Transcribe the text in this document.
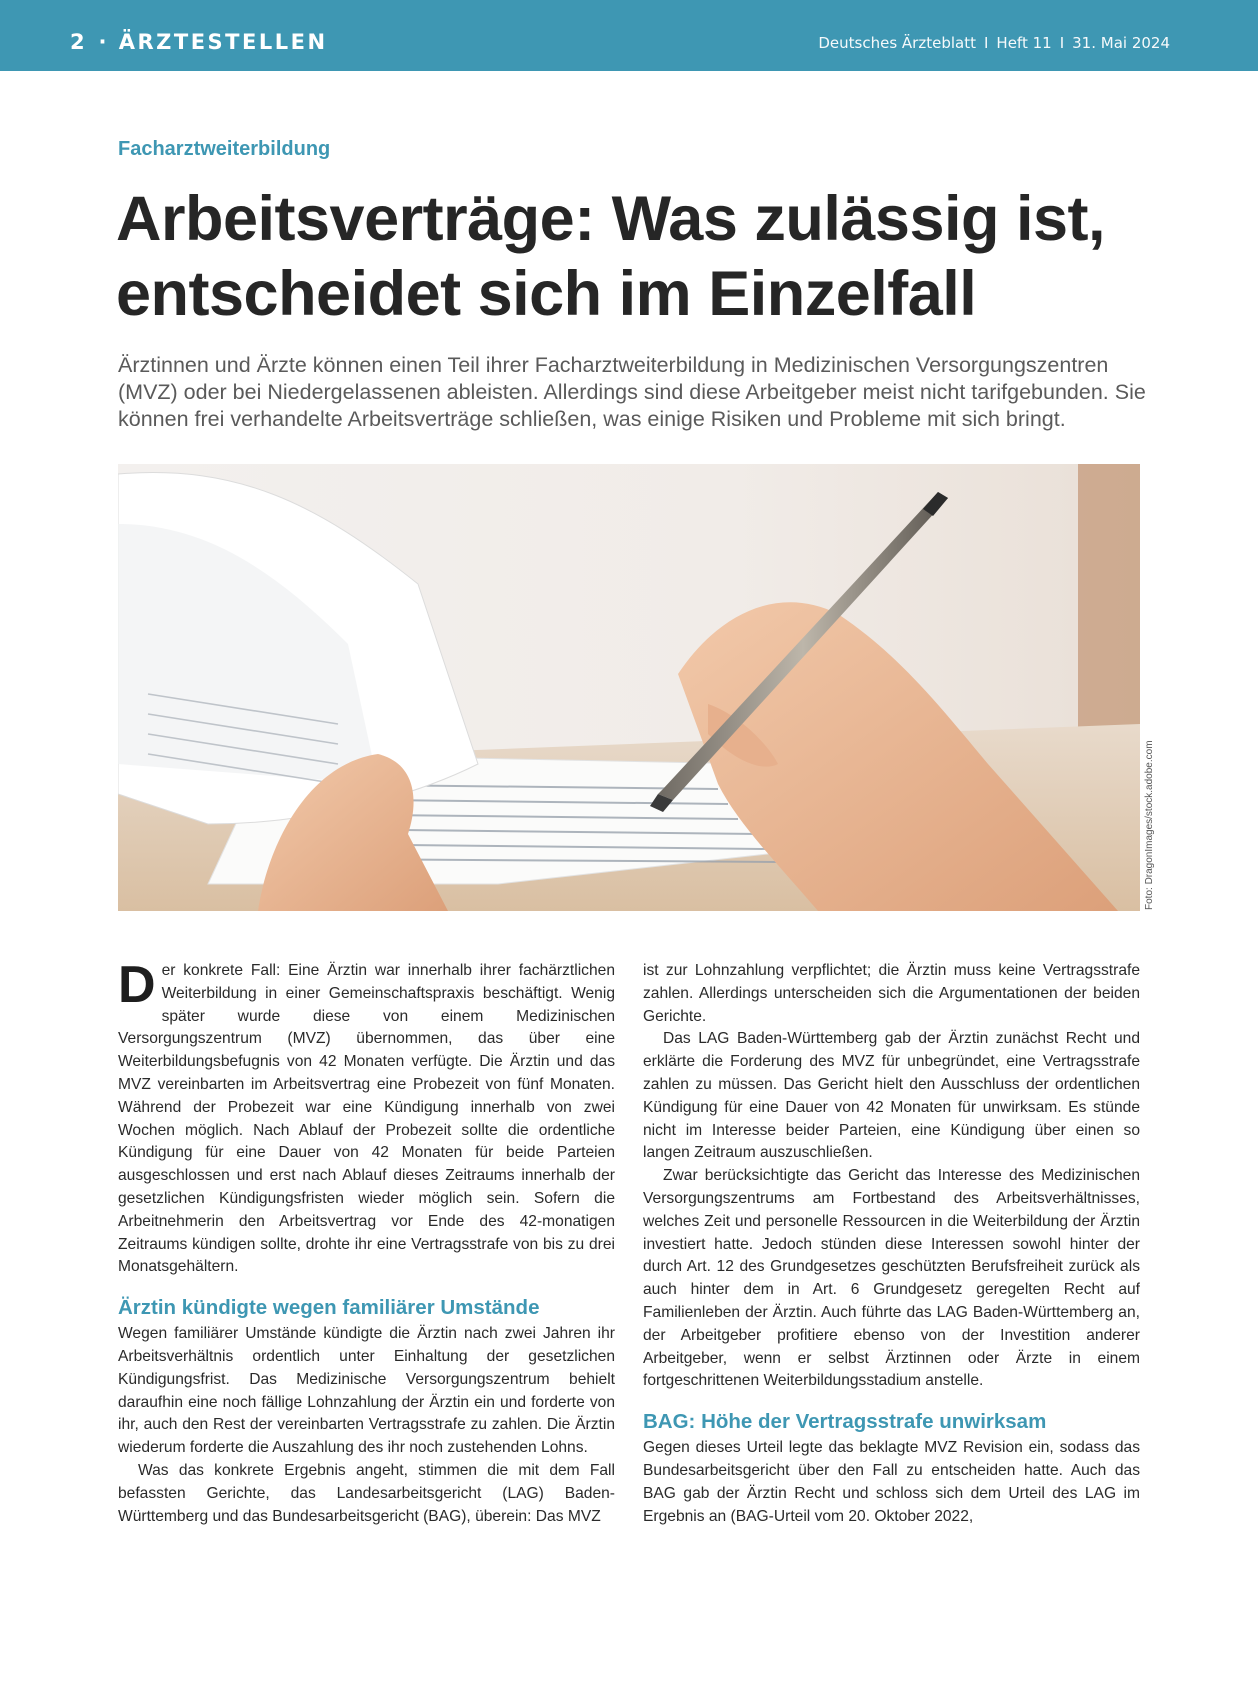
2 · ÄRZTESTELLEN	Deutsches Ärzteblatt I Heft 11 I 31. Mai 2024
Facharztweiterbildung
Arbeitsverträge: Was zulässig ist,
entscheidet sich im Einzelfall

Ärztinnen und Ärzte können einen Teil ihrer Facharztweiterbildung in Medizinischen Versorgungszentren (MVZ) oder bei Niedergelassenen ableisten. Allerdings sind diese Arbeitgeber meist nicht tarifgebunden. Sie können frei verhandelte Arbeitsverträge schließen, was einige Risiken und Probleme mit sich bringt.

Foto: DragonImages/stock.adobe.com

Der konkrete Fall: Eine Ärztin war innerhalb ihrer fachärztlichen Weiterbildung in einer Gemeinschaftspraxis beschäftigt. Wenig später wurde diese von einem Medizinischen Versorgungszentrum (MVZ) übernommen, das über eine Weiterbildungsbefugnis von 42 Monaten verfügte. Die Ärztin und das MVZ vereinbarten im Arbeitsvertrag eine Probezeit von fünf Monaten. Während der Probezeit war eine Kündigung innerhalb von zwei Wochen möglich. Nach Ablauf der Probezeit sollte die ordentliche Kündigung für eine Dauer von 42 Monaten für beide Parteien ausgeschlossen und erst nach Ablauf dieses Zeitraums innerhalb der gesetzlichen Kündigungsfristen wieder möglich sein. Sofern die Arbeitnehmerin den Arbeitsvertrag vor Ende des 42-monatigen Zeitraums kündigen sollte, drohte ihr eine Vertragsstrafe von bis zu drei Monatsgehältern.

Ärztin kündigte wegen familiärer Umstände

Wegen familiärer Umstände kündigte die Ärztin nach zwei Jahren ihr Arbeitsverhältnis ordentlich unter Einhaltung der gesetzlichen Kündigungsfrist. Das Medizinische Versorgungszentrum behielt daraufhin eine noch fällige Lohnzahlung der Ärztin ein und forderte von ihr, auch den Rest der vereinbarten Vertragsstrafe zu zahlen. Die Ärztin wiederum forderte die Auszahlung des ihr noch zustehenden Lohns.

Was das konkrete Ergebnis angeht, stimmen die mit dem Fall befassten Gerichte, das Landesarbeitsgericht (LAG) Baden-Württemberg und das Bundesarbeitsgericht (BAG), überein: Das MVZ

ist zur Lohnzahlung verpflichtet; die Ärztin muss keine Vertragsstrafe zahlen. Allerdings unterscheiden sich die Argumentationen der beiden Gerichte.

Das LAG Baden-Württemberg gab der Ärztin zunächst Recht und erklärte die Forderung des MVZ für unbegründet, eine Vertragsstrafe zahlen zu müssen. Das Gericht hielt den Ausschluss der ordentlichen Kündigung für eine Dauer von 42 Monaten für unwirksam. Es stünde nicht im Interesse beider Parteien, eine Kündigung über einen so langen Zeitraum auszuschließen.

Zwar berücksichtigte das Gericht das Interesse des Medizinischen Versorgungszentrums am Fortbestand des Arbeitsverhältnisses, welches Zeit und personelle Ressourcen in die Weiterbildung der Ärztin investiert hatte. Jedoch stünden diese Interessen sowohl hinter der durch Art. 12 des Grundgesetzes geschützten Berufsfreiheit zurück als auch hinter dem in Art. 6 Grundgesetz geregelten Recht auf Familienleben der Ärztin. Auch führte das LAG Baden-Württemberg an, der Arbeitgeber profitiere ebenso von der Investition anderer Arbeitgeber, wenn er selbst Ärztinnen oder Ärzte in einem fortgeschrittenen Weiterbildungsstadium anstelle.

BAG: Höhe der Vertragsstrafe unwirksam

Gegen dieses Urteil legte das beklagte MVZ Revision ein, sodass das Bundesarbeitsgericht über den Fall zu entscheiden hatte. Auch das BAG gab der Ärztin Recht und schloss sich dem Urteil des LAG im Ergebnis an (BAG-Urteil vom 20. Oktober 2022,
